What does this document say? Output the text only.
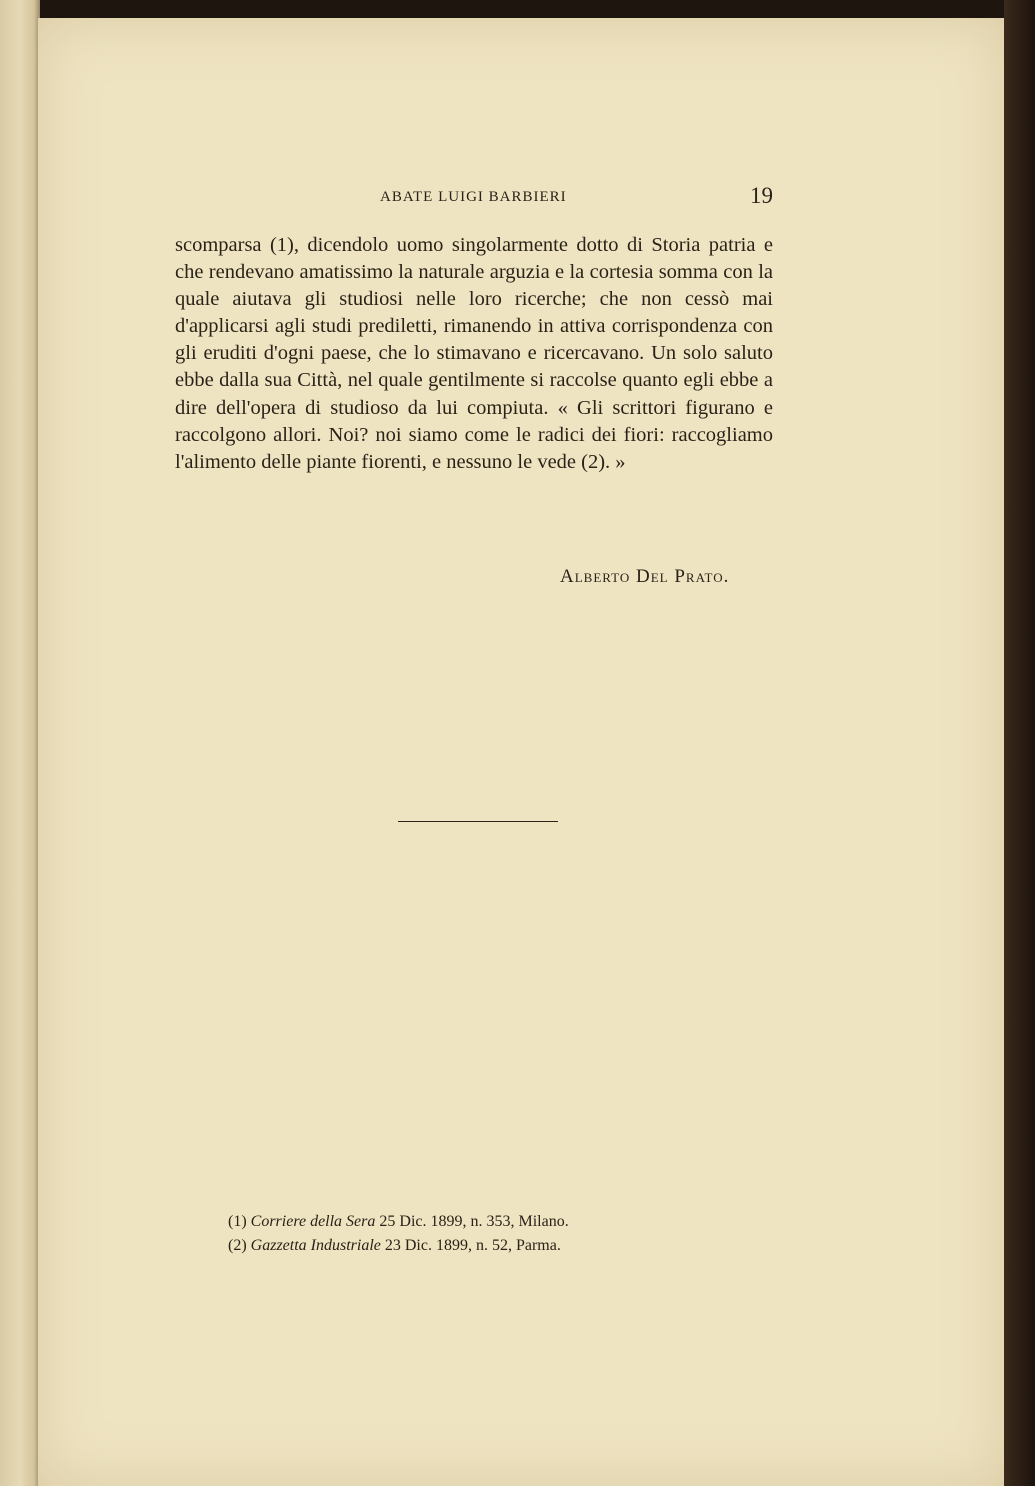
ABATE LUIGI BARBIERI	19

scomparsa (1), dicendolo uomo singolarmente dotto di Storia patria e che rendevano amatissimo la naturale arguzia e la cortesia somma con la quale aiutava gli studiosi nelle loro ricerche; che non cessò mai d'applicarsi agli studi prediletti, rimanendo in attiva corrispondenza con gli eruditi d'ogni paese, che lo stimavano e ricercavano. Un solo saluto ebbe dalla sua Città, nel quale gentilmente si raccolse quanto egli ebbe a dire dell'opera di studioso da lui compiuta. « Gli scrittori figurano e raccolgono allori. Noi? noi siamo come le radici dei fiori: raccogliamo l'alimento delle piante fiorenti, e nessuno le vede (2). »

Alberto Del Prato.
(1) Corriere della Sera 25 Dic. 1899, n. 353, Milano.
(2) Gazzetta Industriale 23 Dic. 1899, n. 52, Parma.
